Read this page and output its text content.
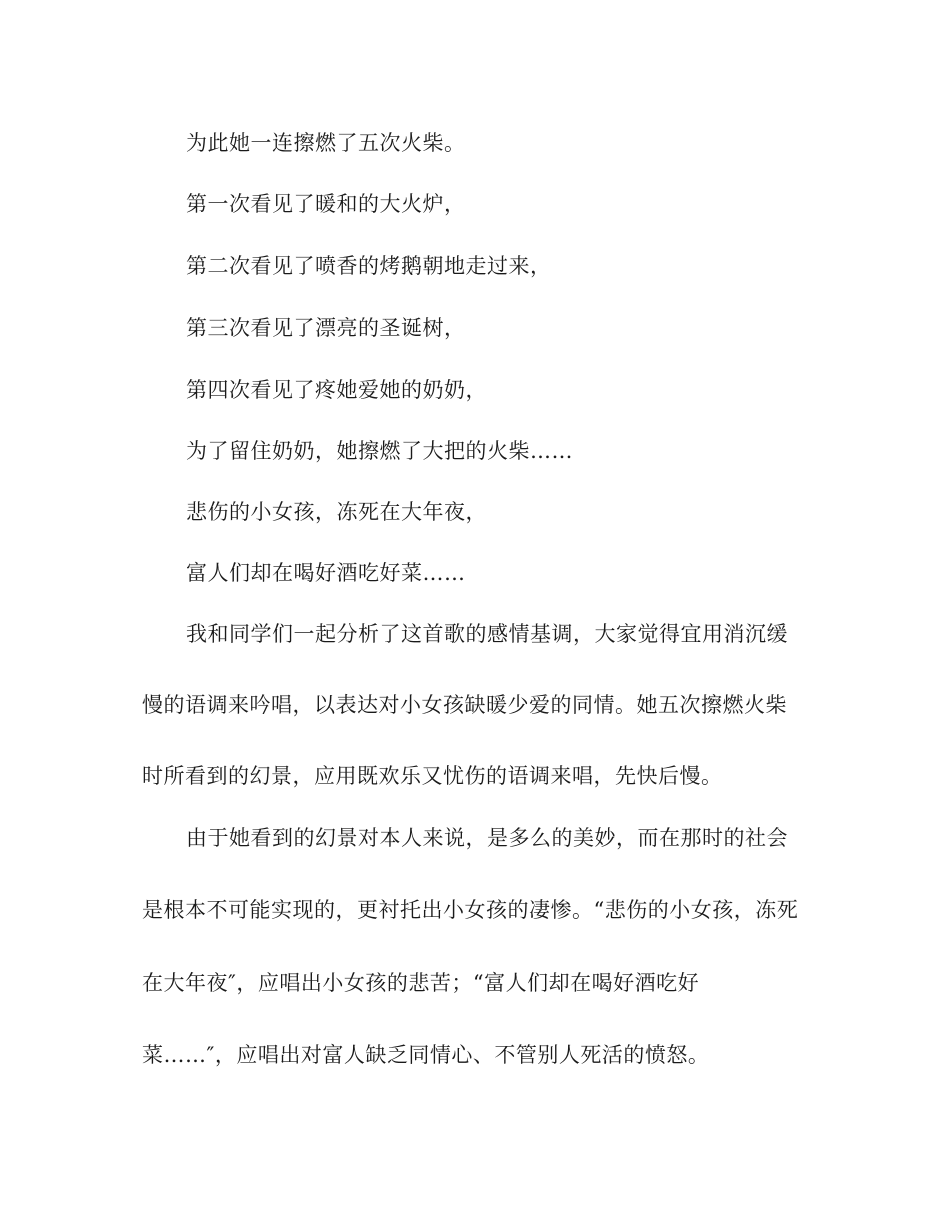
为此她一连擦燃了五次火柴。

第一次看见了暖和的大火炉，

第二次看见了喷香的烤鹅朝地走过来，

第三次看见了漂亮的圣诞树，

第四次看见了疼她爱她的奶奶，

为了留住奶奶，她擦燃了大把的火柴……

悲伤的小女孩，冻死在大年夜，

富人们却在喝好酒吃好菜……

我和同学们一起分析了这首歌的感情基调，大家觉得宜用消沉缓

慢的语调来吟唱，以表达对小女孩缺暖少爱的同情。她五次擦燃火柴

时所看到的幻景，应用既欢乐又忧伤的语调来唱，先快后慢。

由于她看到的幻景对本人来说，是多么的美妙，而在那时的社会

是根本不可能实现的，更衬托出小女孩的凄惨。“悲伤的小女孩，冻死

在大年夜″，应唱出小女孩的悲苦；“富人们却在喝好酒吃好

菜……″，应唱出对富人缺乏同情心、不管别人死活的愤怒。
